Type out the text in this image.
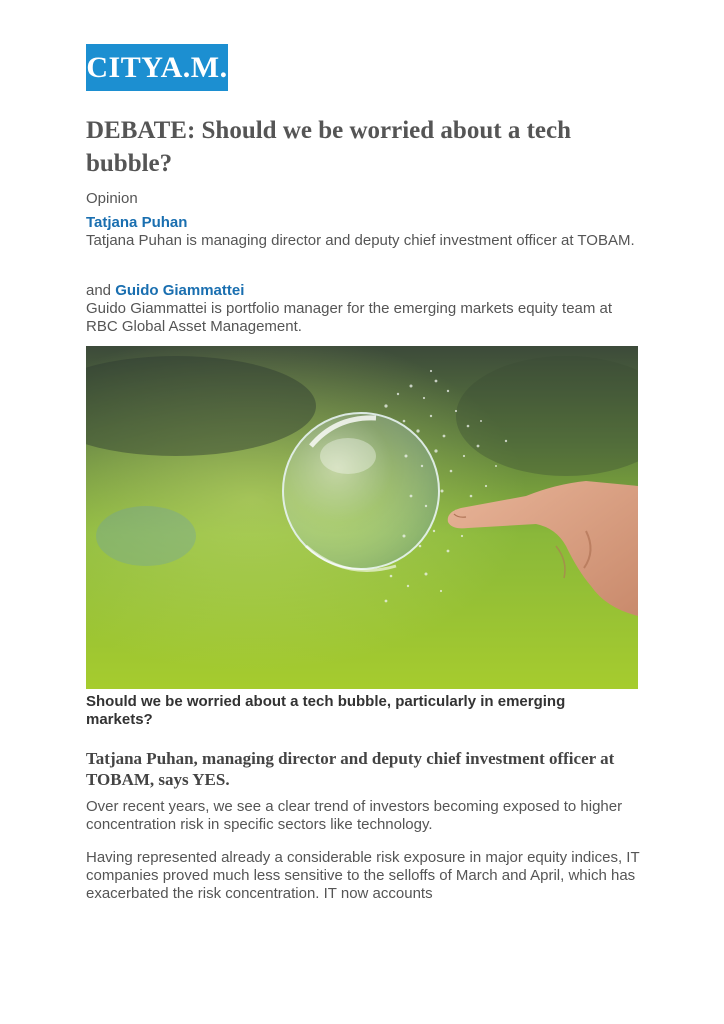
CITYA.M.
DEBATE: Should we be worried about a tech bubble?
Opinion
Tatjana Puhan
Tatjana Puhan is managing director and deputy chief investment officer at TOBAM.
and Guido Giammattei
Guido Giammattei is portfolio manager for the emerging markets equity team at RBC Global Asset Management.

Should we be worried about a tech bubble, particularly in emerging markets?

Tatjana Puhan, managing director and deputy chief investment officer at TOBAM, says YES.

Over recent years, we see a clear trend of investors becoming exposed to higher concentration risk in specific sectors like technology.

Having represented already a considerable risk exposure in major equity indices, IT companies proved much less sensitive to the selloffs of March and April, which has exacerbated the risk concentration. IT now accounts
